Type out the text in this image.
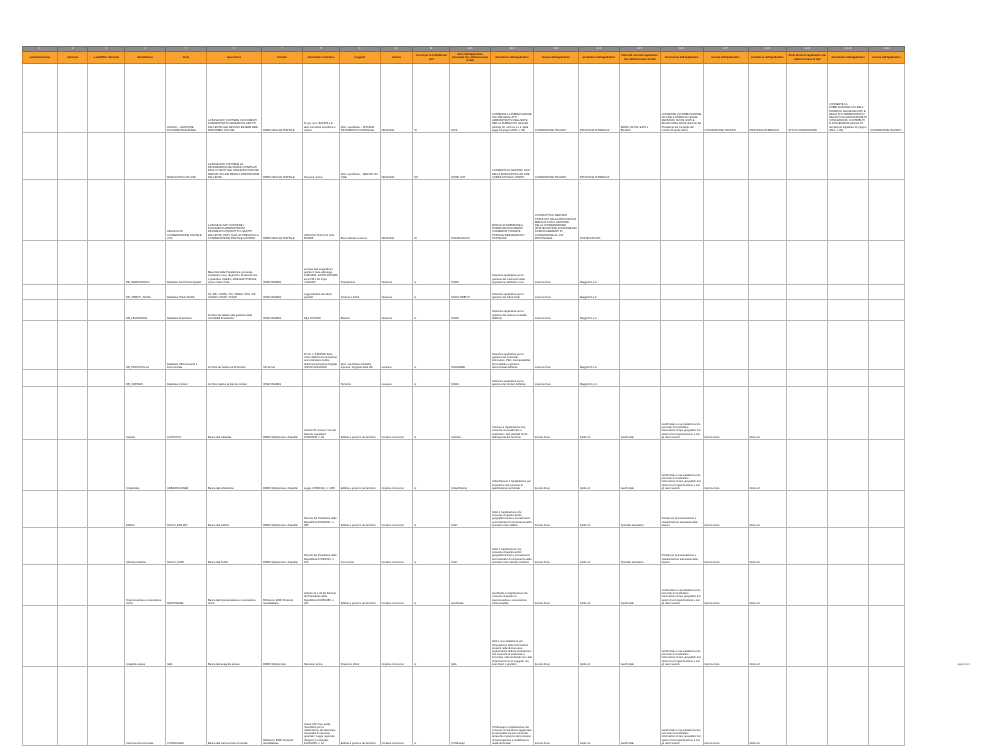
1	2	3	4	5	6	7	8	9	10	11	12.1	12.2	12.3	12.4	12.5	12.6	12.7	12.8	12.9	12.10	12.11
amministrazione	referente	e-mail/PEC referente	identificativo	titolo	descrizione	formato	riferimento normativo	soggetto	licenza	servizi per la fruibilità dei dati	titolo dell'applicativo principale che utilizza la base di dati	descrizione dell'applicativo	licenza dell'applicativo	produttore dell'applicativo	titolo del secondo applicativo che utilizza la base di dati	descrizione dell'applicativo	licenza dell'applicativo	produttore dell'applicativo	titolo del terzo applicativo che utilizza la base di dati	descrizione dell'applicativo	licenza dell'applicativo
				AD-DOC – GESTIONE DOCUMENTALE BASEA	LA BASE DATI CONTIENE I DOCUMENTI AMMINISTRATIVI GENERATI E GESTITI DALL'ENTE CHE DEVONO ESSERE RESI DISPONIBILI ON LINE	DBMS ORACLE PORTALE	D.Lgs. num. 82/2005 e le altre normative specifiche e settore	Altro: specificare – SISTEMA INFORMATIVO COMUNALE	NESSUNA	SI	AFOL	CONSENTE LA PUBBLICAZIONE ON LINE DEGLI ATTI AMMINISTRATIVI DELL'ENTE PER LA PUBBLICITA' LEGALE (articolo 32, comma 1 e 2, della legge 18 giugno 2009, n. 69)	CONVENZIONE TRA ENTI	PROVINCIA DI BRESCIA	BANDI, AVVISI, ESITI e BILANCI	CONSENTE LA PUBBLICAZIONE ON LINE A NORMA DI LEGGE DEI BANDI, AVVISI, ESITI E BILANCI DELL'ENTE (Decreto del Presidente del Consiglio dei ministri 26 aprile 2011)	CONVENZIONE TRA ENTI	PROVINCIA DI BRESCIA	ATTI DI CONCESSIONE	CONSENTE LA PUBBLICAZIONE ON LINE A NORMA DI LEGGE DEI DATI E DEGLI ATTI AMMINISTRATIVI RELATIVI ALL'EROGAZIONE DI CONCESSIONI, CONTRIBUTI E SOVVENZIONI (articolo 18 del decreto legislativo 22 giugno 2012, n. 83)	CONVENZIONE TRA ENTI
				MODULISTICA ON LINE	LA BASE DATI CONTIENE LE INFORMAZIONI DEI MODULI COMPILATI DAGLI UTENTI CHE USUFRUISCONO DEI SERVIZI ON LINE MESSI A DISPOSIZIONE DALL'ENTE	DBMS ORACLE PORTALE	Nessuna norma	Altro: specificare – SERVIZI ON LINE	NESSUNA	NO	WORK LIST	CONSENTE DI GESTIRE I DATI DELLA MODULISTICA ON LINE COMPILATI DAGLI UTENTI	CONVENZIONE TRA ENTI	PROVINCIA DI BRESCIA							
				ARCHIVIO DI CONSERVAZIONE DIGITALE (CS)	LA BASE DI DATI CONTIENE I DOCUMENTI AMMINISTRATIVI INFORMATICI PRODOTTI O GESTITI DALL'ENTE, PER I QUALI E' PREVISTA LA CONSERVAZIONE DIGITALE A NORMA	DBMS ORACLE PORTALE	ARTICOLI 43 E 44 D.LGS. 82/2005	Beni culturali e turismo	NESSUNA	SI	POSTEL/DOCS	MODULI DI ESIBIZIONE A NORMA DEI DOCUMENTI CONSERVATI TRAMITE PORTALE WEB DEDICATO POSTEL/DS	CONTRATTO DI SERVIZIO STIPULATO DALLA PROVINCIA DI BRESCIA CON IL GESTORE DELLA CONSERVAZIONE (POSTECOM SPA) IN FAVORE DEI COMUNI ADERENTI IN CONVENZIONE AL CST PROVINCIALE	POSTECOM SPA							
			DB_DEMOGRAFICI	Database Servizi Demografici	Base Dati della Popolazione comunale (residenti e non), degli Atti e Protocollo che ri-guardano Cittadini, AIRE ELETTORALE, Leva e Stato Civile.	OPEN INGRES	La base dati anagrafica è gestita in base alla legge 1228/1954, al DPR 223/1989 ed art 58 e 60 D.lgs. n.82/2005	Popolazione	Nessuna	si	SICRA	Soluzione applicativa per la gestione dei movimenti della popolazione dell'Ente e non.	Licenza d'uso	Maggioli S.p.A.							
			DB_TRIBUTI_SICRA	Database Tributi SICRA	ICI, IMU, TARSU, TIA, TARES, TASI, ICP, COSAP, COSAP, TOSAP	OPEN INGRES	Leggi istitutive dei tributi specifici	Finanza e tributi	Nessuna	si	SICRA TRIBUTI	Soluzione applicativa per la gestione dei tributi locali	Licenza d'uso	Maggioli S.p.A.							
			DB_FINANZIARIA	Database Finanziaria	Archivio del relativo alla gestione della Contabilità Finanziaria	OPEN INGRES	Dlgs 267/2000	Bilancio	Nessuna	si	SICRA	Soluzione applicativa per la gestione del sistema contabile dell'Ente.	Licenza d'uso	Maggioli S.p.A.							
			DB_PROTOCOLLO	Database Uffici Generali e Documentale	Archivio del relativo al Protocollo	Sql Server	D.P.R. n. 445/2000 Testo Unico della Documentazione amministrativa Codice dell'Amministrazione Digitale (DPCM 31/10/2013)	Altro: specificare (Cittadini, Imprese, Soggetto della PA)	nessuna	si	SICRAWEB	Soluzione applicativa per la gestione del protocollo informatico, PEC, interoperabilità, firma digitale e gestione documentale dell'Ente	Licenza d'uso	Maggioli S.p.A.							
			DB_CIMITERI	Database Cimiteri	Archivio relativo ai dati dei cimiteri	OPEN INGRES		Territorio	nessuna	si	SICRA	Soluzione applicativa per la gestione dei cimiteri dell'Ente	Licenza d'uso	Maggioli S.p.A.							
			Catasto	CATSTOCK	Banca dati catastale	DBMS SQLExpress, shapefile	Articolo 50 comma 7 bis del Decreto Legislativo 07/03/2005, n. 82	Edilizia e governo del territorio	Creative Commons	si	CatView	Cartview è l'applicazione che consente di visualizzare e analizzare i dati catastali forniti dall'Agenzia del Territorio	licenza d'uso	Globo srl	GeoPortale	GeoPortale è una piattaforma che permette di condividere informazioni di tipo geografico tra i settori di un'organizzazione e con gli utenti esterni	licenza d'uso	Globo srl			
			Urbanistica	URBANPLANNER	Banca dati urbanistica	DBMS SQLExpress, shapefile	Legge 17/08/1942, n. 1150	Edilizia e governo del territorio	Creative Commons	si	UrbanPlanner	UrbanPlanner è l'applicazione per la gestione del processo di pianificazione territoriale	licenza d'uso	Globo srl	GeoPortale	GeoPortale è una piattaforma che permette di condividere informazioni di tipo geografico tra i settori di un'organizzazione e con gli utenti esterni	licenza d'uso	Globo srl			
			Edilizia	SOLICI_EDILIZIA	Banca dati edilizia	DBMS SQLExpress, shapefile	Decreto del Presidente della Repubblica 06/06/2001, n. 380	Edilizia e governo del territorio	Creative Commons	si	Solici	Solici è l'applicazione che consente di gestire ambiti geografici/numeri e procedimenti amministrativi di competenza dello sportello unico edilizia	licenza d'uso	Globo srl	Sportello telematico	Portale per la presentazione e visualizzazione telematica delle istanze	licenza d'uso	Globo srl			
			Attività produttive	SOLICI_SUAP	Banca dati SUAP	DBMS SQLExpress, shapefile	Decreto del Presidente della Repubblica 07/09/2010, n. 160	Commercio	Creative Commons	si	Solici	Solici è l'applicazione che consente di gestire ambiti geografici/numeri e procedimenti amministrativi di competenza dello sportello unico attività produttive	licenza d'uso	Globo srl	Sportello telematico	Portale per la presentazione e visualizzazione telematica delle istanze	licenza d'uso	Globo srl			
			Toponomastica e numerazione civica	GEOSTRADE	Banca dati toponomastica e numerazione civica	MSServer, ESRI Personal Geodatabase	Articolo 41 e 42 del Decreto del Presidente della Repubblica 30/05/1989, n. 223	Edilizia e governo del territorio	Creative Commons	si	GeoStrade	GeoStrade è l'applicazione che consente di gestire la toponomastica e numerazione civica stradale	licenza d'uso	Globo srl	GeoPortale	GeoPortale è una piattaforma che permette di condividere informazioni di tipo geografico tra i settori di un'organizzazione e con gli utenti esterni	licenza d'uso	Globo srl			
			Anagrafe estesa	GEA	Banca dati anagrafe estesa	DBMS SQLExpress	Nessuna norma	Finanza e tributi	Creative Commons	si	GEA	GEA è una piattaforma per l'integrazione delle informazioni presenti nelle diverse aree organizzative dell'amministrazione che consente di analizzare e incrociare i dati territoriali con i dati di pertinenza di un soggetto, sia esso fisico o giuridico	licenza d'uso	Globo srl	GeoPortale	GeoPortale è una piattaforma che permette di condividere informazioni di tipo geografico tra i settori di un'organizzazione e con gli utenti esterni	licenza d'uso	Globo srl			
			Carta tecnica comunale	CTMANAGER	Banca dati carta tecnica comunale	MSServer, ESRI Personal Geodatabase	Intesa GIS; linee guida 'Specifiche per la realizzazione dei data base topografici di interesse generale'; Legge regionale (Regione Lombardia) 11/03/2005, n. 12	Edilizia e governo del territorio	Creative Commons	si	CTManager	CTManager è l'applicazione che consente di mantenere aggiornata la cartografia tecnica comunale attraverso il governo del processo di interrogazione e modificare la realtà territoriale	licenza d'uso	Globo srl	GeoPortale	GeoPortale è una piattaforma che permette di condividere informazioni di tipo geografico tra i settori di un'organizzazione e con gli utenti esterni	licenza d'uso	Globo srl			
pag 1 di 1
